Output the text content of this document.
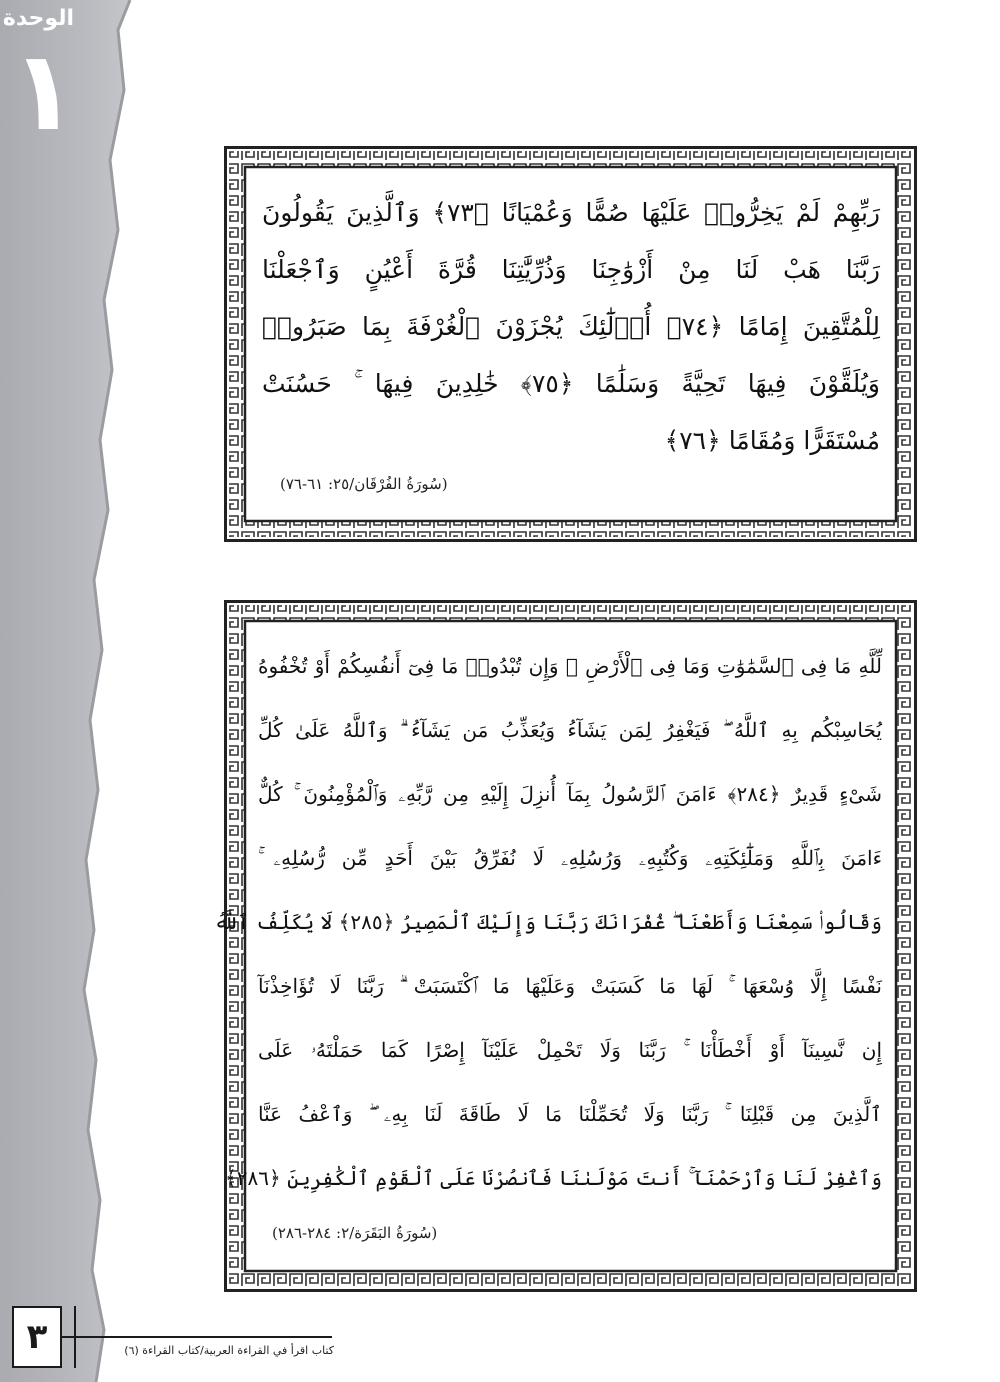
الوحدة
١
رَبِّهِمْ لَمْ يَخِرُّوا۟ عَلَيْهَا صُمًّا وَعُمْيَانًا ﴿٧٣﴾ وَٱلَّذِينَ يَقُولُونَ
رَبَّنَا هَبْ لَنَا مِنْ أَزْوَٰجِنَا وَذُرِّيَّٰتِنَا قُرَّةَ أَعْيُنٍ وَٱجْعَلْنَا
لِلْمُتَّقِينَ إِمَامًا ﴿٧٤﴾ أُو۟لَٰٓئِكَ يُجْزَوْنَ ٱلْغُرْفَةَ بِمَا صَبَرُوا۟
وَيُلَقَّوْنَ فِيهَا تَحِيَّةً وَسَلَٰمًا ﴿٧٥﴾ خَٰلِدِينَ فِيهَا ۚ حَسُنَتْ
مُسْتَقَرًّا وَمُقَامًا ﴿٧٦﴾
(سُورَةُ الفُرْقَان/٢٥: ٦١-٧٦)
لِّلَّهِ مَا فِى ٱلسَّمَٰوَٰتِ وَمَا فِى ٱلْأَرْضِ ۗ وَإِن تُبْدُوا۟ مَا فِىٓ أَنفُسِكُمْ أَوْ تُخْفُوهُ
يُحَاسِبْكُم بِهِ ٱللَّهُ ۖ فَيَغْفِرُ لِمَن يَشَآءُ وَيُعَذِّبُ مَن يَشَآءُ ۗ وَٱللَّهُ عَلَىٰ كُلِّ
شَىْءٍ قَدِيرٌ ﴿٢٨٤﴾ ءَامَنَ ٱلرَّسُولُ بِمَآ أُنزِلَ إِلَيْهِ مِن رَّبِّهِۦ وَٱلْمُؤْمِنُونَ ۚ كُلٌّ
ءَامَنَ بِٱللَّهِ وَمَلَٰٓئِكَتِهِۦ وَكُتُبِهِۦ وَرُسُلِهِۦ لَا نُفَرِّقُ بَيْنَ أَحَدٍ مِّن رُّسُلِهِۦ ۚ
وَقَالُوا۟ سَمِعْنَا وَأَطَعْنَا ۖ غُفْرَانَكَ رَبَّنَا وَإِلَيْكَ ٱلْمَصِيرُ ﴿٢٨٥﴾ لَا يُكَلِّفُ ٱللَّهُ
نَفْسًا إِلَّا وُسْعَهَا ۚ لَهَا مَا كَسَبَتْ وَعَلَيْهَا مَا ٱكْتَسَبَتْ ۗ رَبَّنَا لَا تُؤَاخِذْنَآ
إِن نَّسِينَآ أَوْ أَخْطَأْنَا ۚ رَبَّنَا وَلَا تَحْمِلْ عَلَيْنَآ إِصْرًا كَمَا حَمَلْتَهُۥ عَلَى
ٱلَّذِينَ مِن قَبْلِنَا ۚ رَبَّنَا وَلَا تُحَمِّلْنَا مَا لَا طَاقَةَ لَنَا بِهِۦ ۖ وَٱعْفُ عَنَّا
وَٱغْفِرْ لَنَا وَٱرْحَمْنَآ ۚ أَنتَ مَوْلَىٰنَا فَٱنصُرْنَا عَلَى ٱلْقَوْمِ ٱلْكَٰفِرِينَ ﴿٢٨٦﴾
(سُورَةُ البَقَرَة/٢: ٢٨٤-٢٨٦)
٣	كتاب اقرأ في القراءة العربية/كتاب القراءة (٦)
